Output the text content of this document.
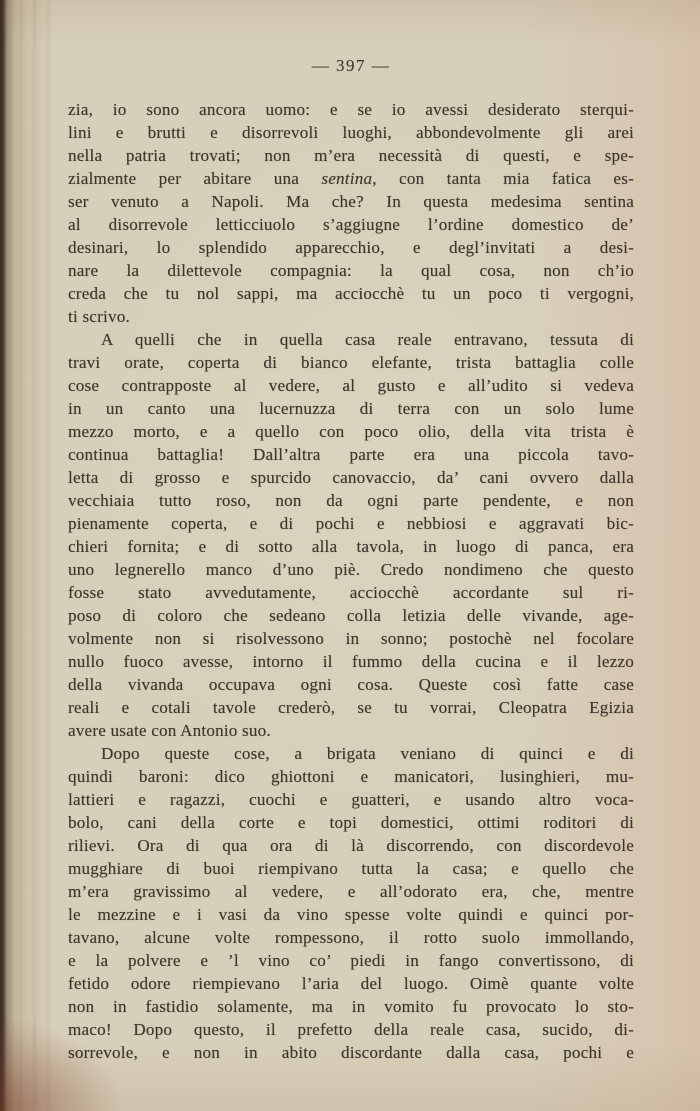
— 397 —
zia, io sono ancora uomo: e se io avessi desiderato sterqui-
lini e brutti e disorrevoli luoghi, abbondevolmente gli arei
nella patria trovati; non m’era necessità di questi, e spe-
zialmente per abitare una sentina, con tanta mia fatica es-
ser venuto a Napoli. Ma che? In questa medesima sentina
al disorrevole letticciuolo s’aggiugne l’ordine domestico de’
desinari, lo splendido apparecchio, e degl’invitati a desi-
nare la dilettevole compagnia: la qual cosa, non ch’io
creda che tu nol sappi, ma acciocchè tu un poco ti vergogni,
ti scrivo.
A quelli che in quella casa reale entravano, tessuta di
travi orate, coperta di bianco elefante, trista battaglia colle
cose contrapposte al vedere, al gusto e all’udito si vedeva
in un canto una lucernuzza di terra con un solo lume
mezzo morto, e a quello con poco olio, della vita trista è
continua battaglia! Dall’altra parte era una piccola tavo-
letta di grosso e spurcido canovaccio, da’ cani ovvero dalla
vecchiaia tutto roso, non da ogni parte pendente, e non
pienamente coperta, e di pochi e nebbiosi e aggravati bic-
chieri fornita; e di sotto alla tavola, in luogo di panca, era
uno legnerello manco d’uno piè. Credo nondimeno che questo
fosse stato avvedutamente, acciocchè accordante sul ri-
poso di coloro che sedeano colla letizia delle vivande, age-
volmente non si risolvessono in sonno; postochè nel focolare
nullo fuoco avesse, intorno il fummo della cucina e il lezzo
della vivanda occupava ogni cosa. Queste così fatte case
reali e cotali tavole crederò, se tu vorrai, Cleopatra Egizia
avere usate con Antonio suo.
Dopo queste cose, a brigata veniano di quinci e di
quindi baroni: dico ghiottoni e manicatori, lusinghieri, mu-
lattieri e ragazzi, cuochi e guatteri, e usando altro voca-
bolo, cani della corte e topi domestici, ottimi roditori di
rilievi. Ora di qua ora di là discorrendo, con discordevole
mugghiare di buoi riempivano tutta la casa; e quello che
m’era gravissimo al vedere, e all’odorato era, che, mentre
le mezzine e i vasi da vino spesse volte quindi e quinci por-
tavano, alcune volte rompessono, il rotto suolo immollando,
e la polvere e ’l vino co’ piedi in fango convertissono, di
fetido odore riempievano l’aria del luogo. Oimè quante volte
non in fastidio solamente, ma in vomito fu provocato lo sto-
maco! Dopo questo, il prefetto della reale casa, sucido, di-
sorrevole, e non in abito discordante dalla casa, pochi e
